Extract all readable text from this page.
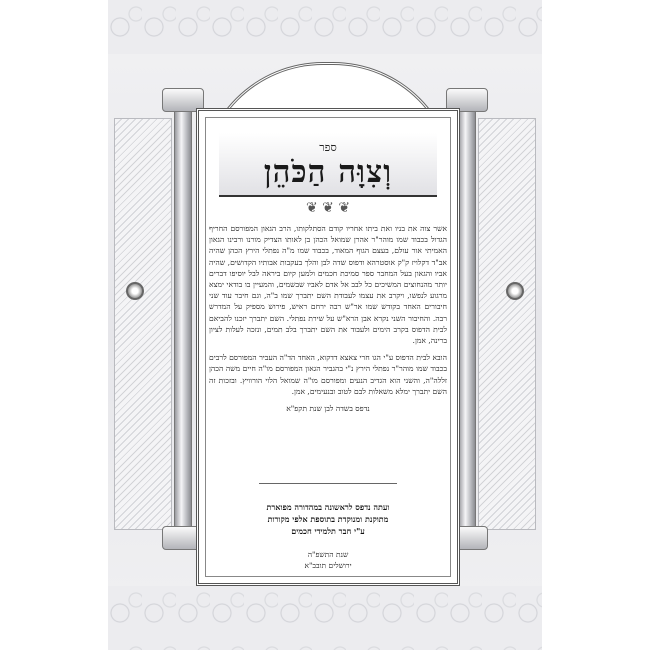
ספר
וְצִוָּה הַכֹּהֵן
❦ ❦ ❦

אשר צוה את בניו ואת ביתו אחריו קודם הסתלקותו, הרב הגאון המפורסם החריף הגדול בכבוד שמו מוהר"ר אהרן שמואל הכהן בן לאותו הצדיק מורנו ורבינו הגאון האמיתי אור עולם, בעצם הגוף המאוד, בכבוד שמו מ"ה נפתלי הירץ הכהן שהיה אב"ד דקלויז ק"ק אוסטרהא ודפוס שדה לבן והלך בעקבות אבותיו הקדושים, שהיה אביו והגאון בעל המחבר ספר סמיכת חכמים ולמען קיום ביראה לבל יוסיפו דברים יותר מהנחוצים המשיכים כל לבב אל אדם לאביו שבשמים, והמעיין בו בודאי ימצא מרגוע לנפשו, ויקרב את עצמו לעבודת השם יתברך שמו ב"ה, וגם חיבר עוד שני חיבורים האחד בקודש שמו אר"ש רבה ירחם ראיש, פירוש מספיק על המדרש רבה. והחיבור השני נקרא אבן הרא"ש על שירת נפתלי. השם יתברך יזכנו להביאם לבית הדפוס בקרב הימים ולעבוד את השם יתברך בלב תמים, ונזכה לעלות לציון ברינה, אמן.

הובא לבית הדפוס ע"י הגו חרי צאצא דדקוא, האחד הד"ה העביר המפורסם לרבים בכבוד שמו מוהר"ר נפתלי הירץ נ"י בהגביר הגאון המפורסם מו"ה חיים משה הכהן זללה"ה, והשני הוא הגדיב הנעים ומפורסם מו"ה שמואל הלוי הורוויץ. ובזכות זה השם יתברך ימלא משאלות לבם לטוב ובנעימים, אמן.

נדפס בשדה לבן שנת תקפ"א

ועתה נדפס לראשונה במהדורה מפוארת
מתוקנת ומנוקדת בתוספת אלפי מקורות
ע"י חבר תלמידי חכמים
שנת התשפ"ה
ירושלים תובב"א
